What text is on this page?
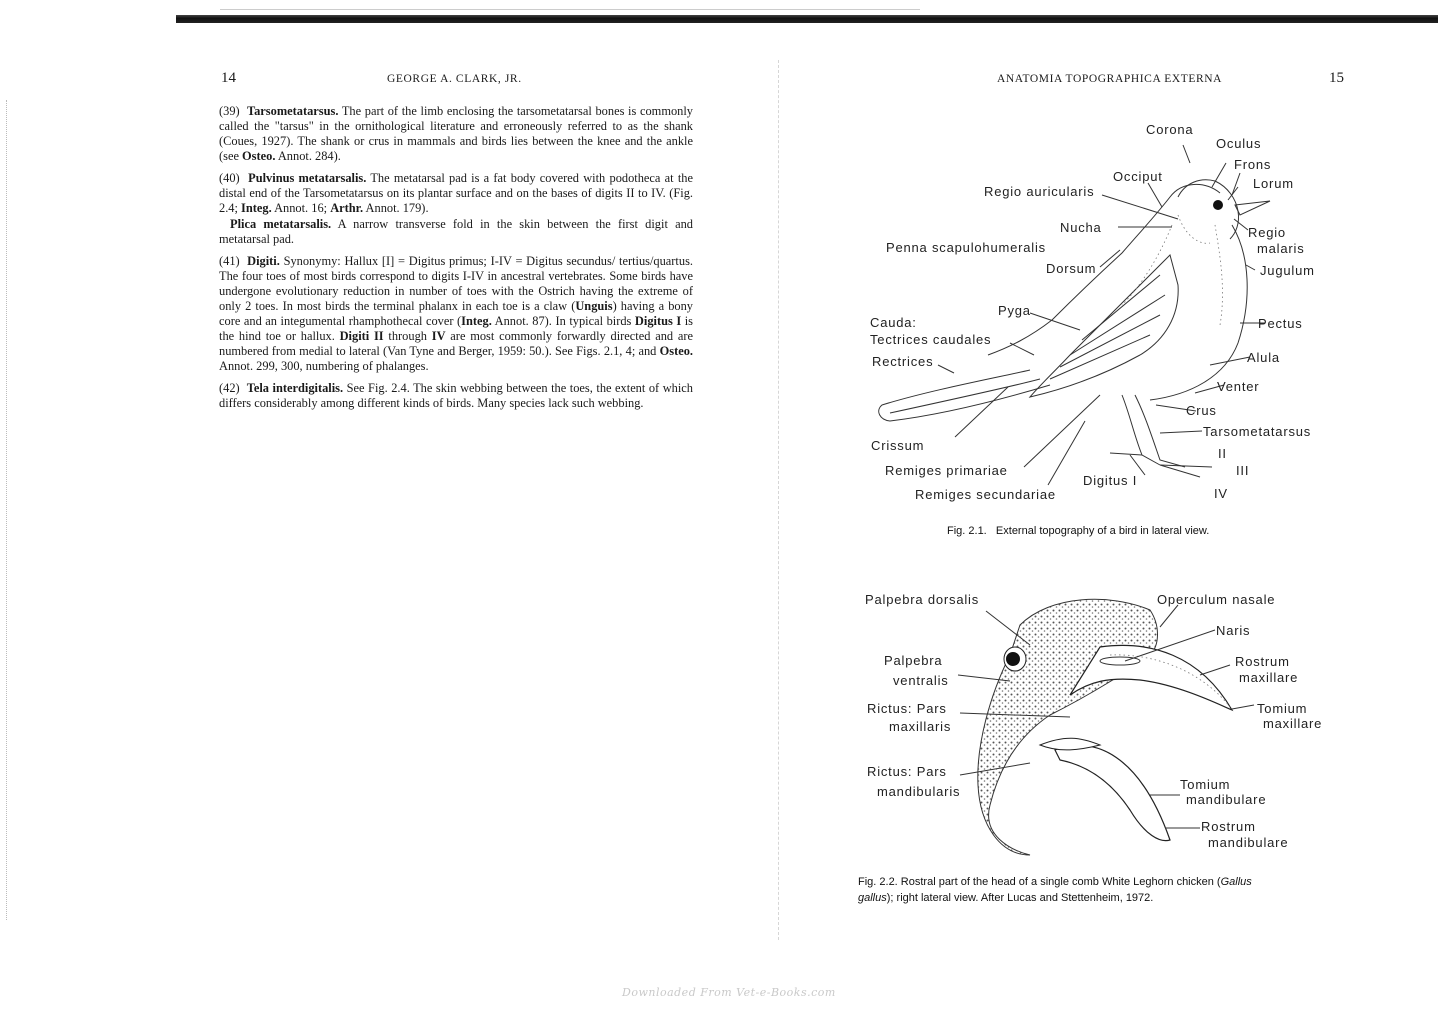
14	GEORGE A. CLARK, JR.

(39) Tarsometatarsus. The part of the limb enclosing the tarsometatarsal bones is commonly called the "tarsus" in the ornithological literature and erroneously referred to as the shank (Coues, 1927). The shank or crus in mammals and birds lies between the knee and the ankle (see Osteo. Annot. 284).

(40) Pulvinus metatarsalis. The metatarsal pad is a fat body covered with podotheca at the distal end of the Tarsometatarsus on its plantar surface and on the bases of digits II to IV. (Fig. 2.4; Integ. Annot. 16; Arthr. Annot. 179).

Plica metatarsalis. A narrow transverse fold in the skin between the first digit and metatarsal pad.

(41) Digiti. Synonymy: Hallux [I] = Digitus primus; I-IV = Digitus secundus/ tertius/quartus. The four toes of most birds correspond to digits I-IV in ancestral vertebrates. Some birds have undergone evolutionary reduction in number of toes with the Ostrich having the extreme of only 2 toes. In most birds the terminal phalanx in each toe is a claw (Unguis) having a bony core and an integumental rhamphothecal cover (Integ. Annot. 87). In typical birds Digitus I is the hind toe or hallux. Digiti II through IV are most commonly forwardly directed and are numbered from medial to lateral (Van Tyne and Berger, 1959: 50.). See Figs. 2.1, 4; and Osteo. Annot. 299, 300, numbering of phalanges.

(42) Tela interdigitalis. See Fig. 2.4. The skin webbing between the toes, the extent of which differs considerably among different kinds of birds. Many species lack such webbing.

ANATOMIA TOPOGRAPHICA EXTERNA	15
Corona
Oculus
Frons
Occiput	Lorum
Regio auricularis
Nucha	Regio
Penna scapulohumeralis	malaris
Dorsum	Jugulum
Pyga
Cauda:	Pectus
Tectrices caudales
Rectrices	Alula
Venter
Crus
Tarsometatarsus
Crissum
II
Remiges primariae	III
Digitus I
IV
Remiges secundariae
Fig. 2.1. External topography of a bird in lateral view.
Palpebra dorsalis	Operculum nasale
Naris
Palpebra	Rostrum
maxillare
ventralis
Rictus: Pars	Tomium
maxillaris	maxillare
Rictus: Pars
Tomium
mandibularis
mandibulare
Rostrum
mandibulare
Fig. 2.2. Rostral part of the head of a single comb White Leghorn chicken (Gallus
gallus); right lateral view. After Lucas and Stettenheim, 1972.
Downloaded From Vet-e-Books.com
